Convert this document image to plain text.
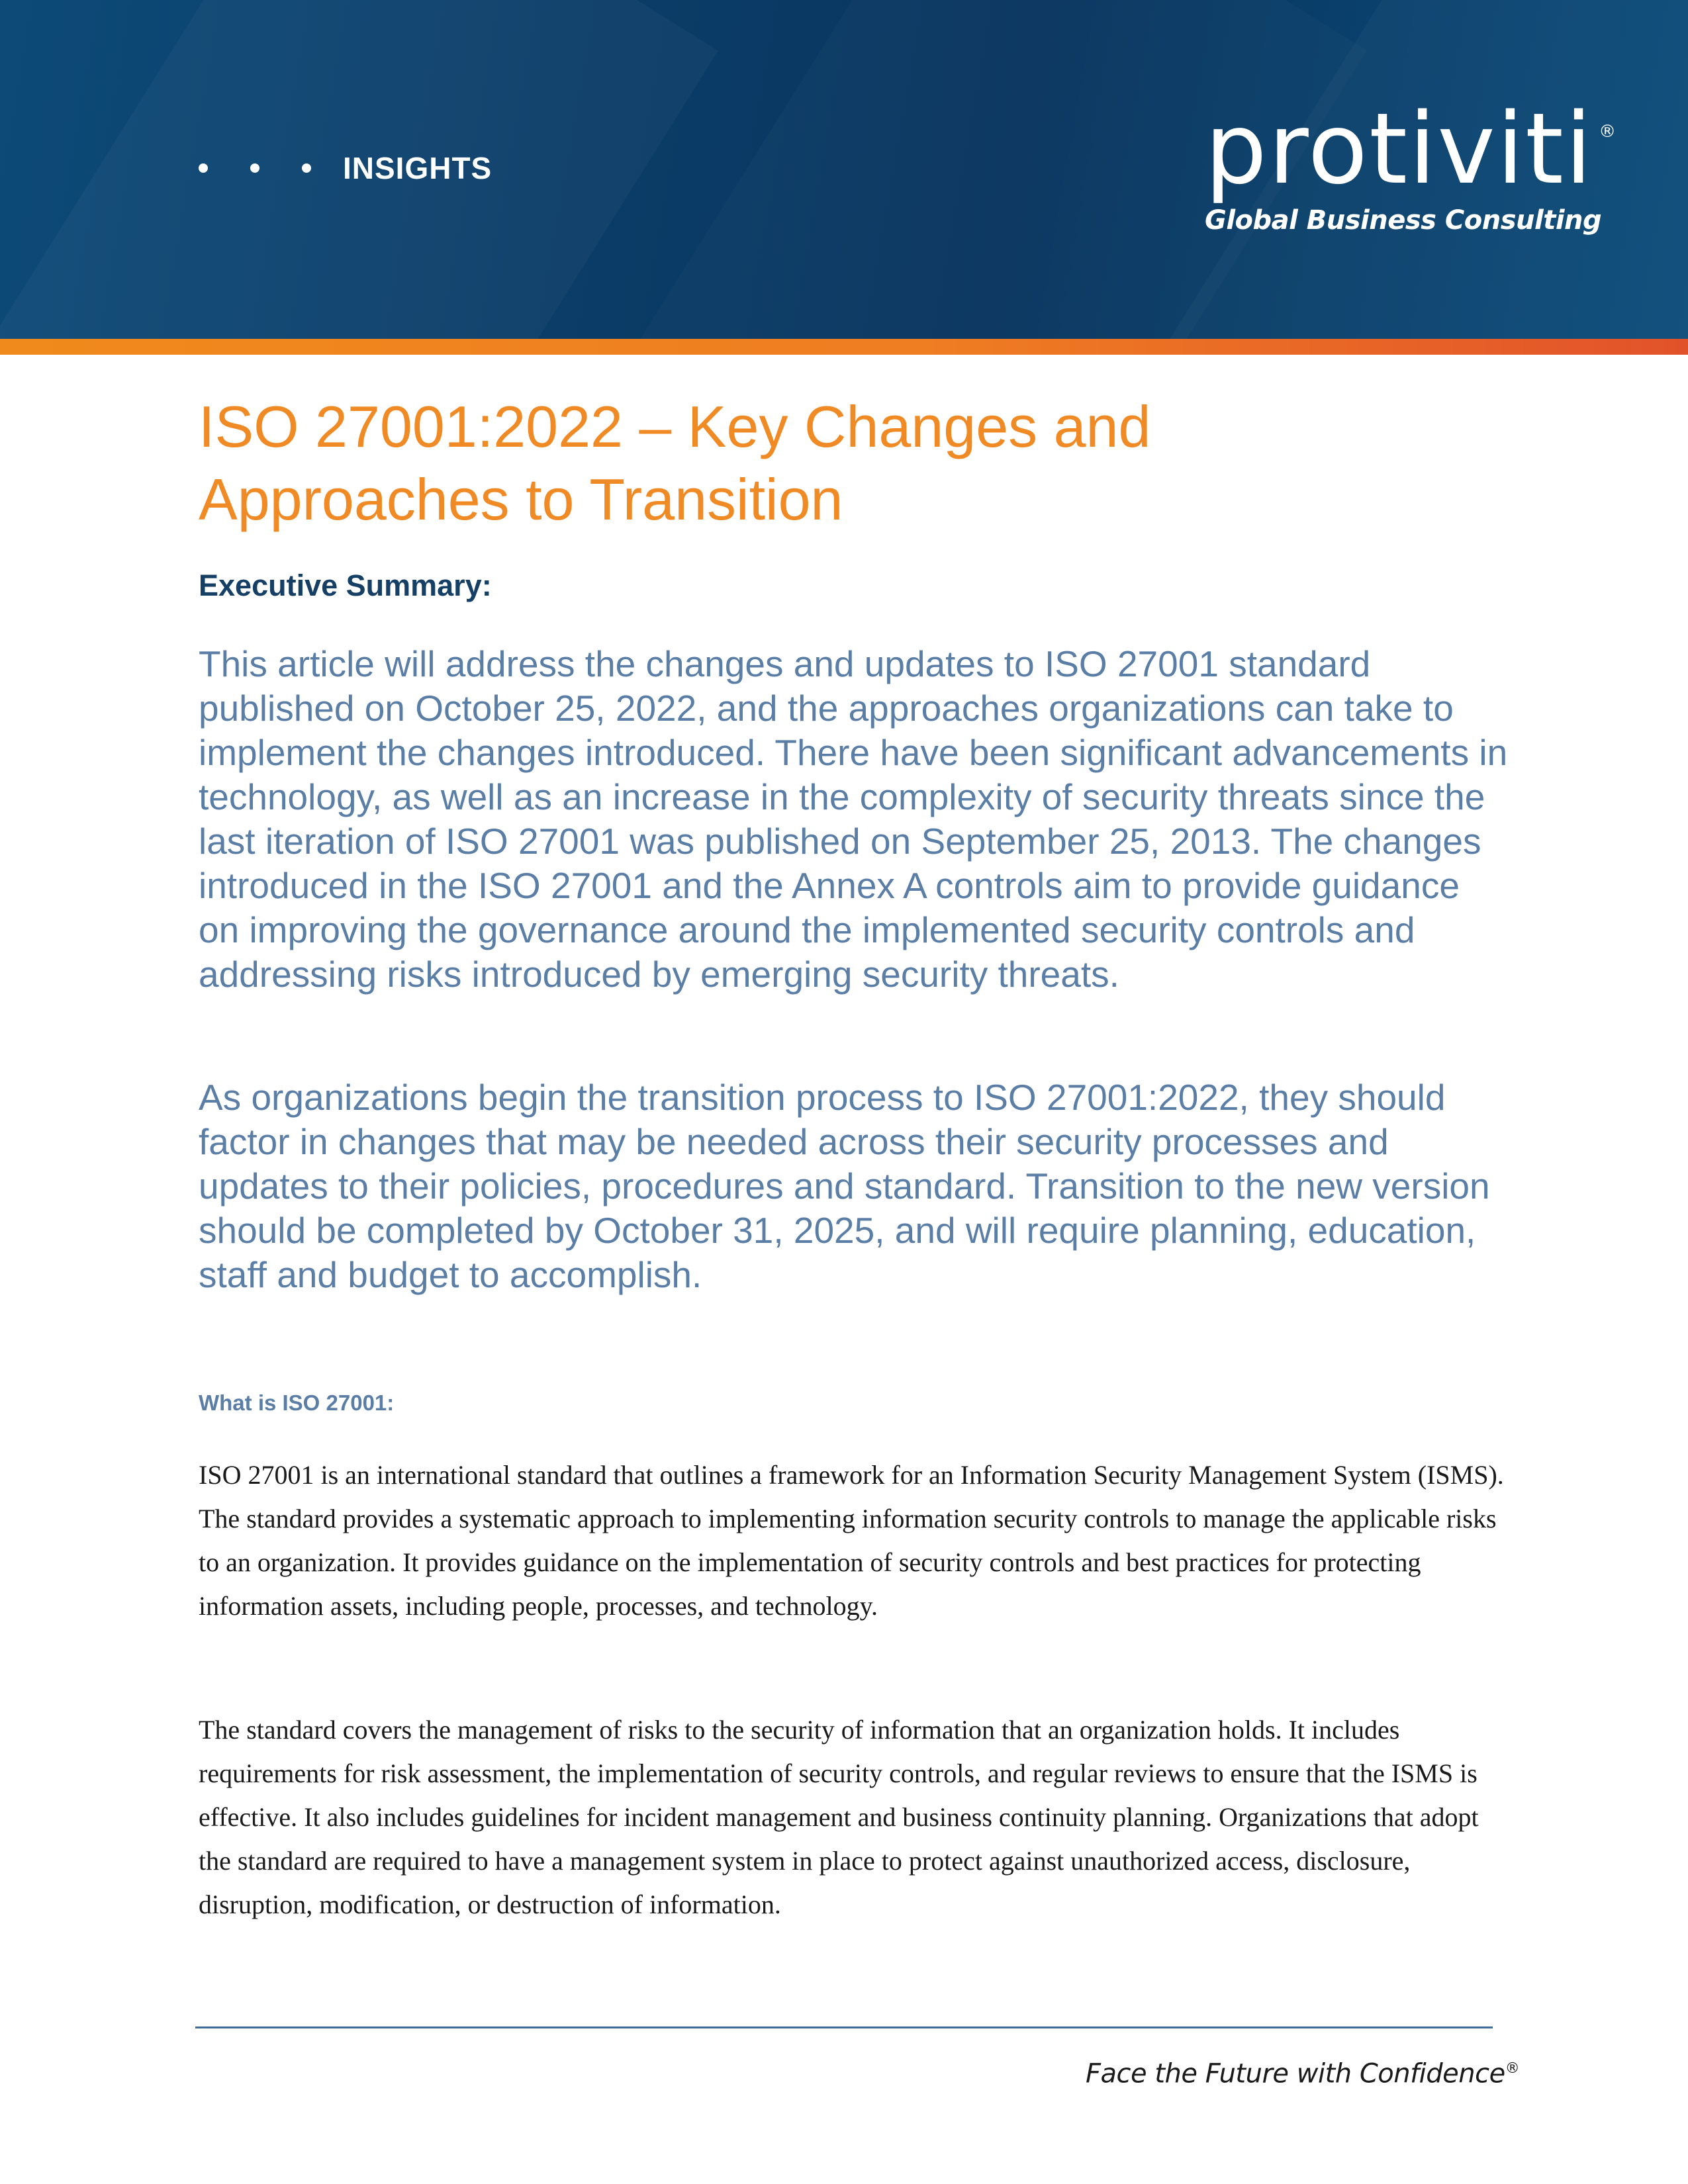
INSIGHTS	protiviti ®
Global Business Consulting
ISO 27001:2022 – Key Changes and Approaches to Transition
Executive Summary:

This article will address the changes and updates to ISO 27001 standard published on October 25, 2022, and the approaches organizations can take to implement the changes introduced. There have been significant advancements in technology, as well as an increase in the complexity of security threats since the last iteration of ISO 27001 was published on September 25, 2013. The changes introduced in the ISO 27001 and the Annex A controls aim to provide guidance on improving the governance around the implemented security controls and addressing risks introduced by emerging security threats.

As organizations begin the transition process to ISO 27001:2022, they should factor in changes that may be needed across their security processes and updates to their policies, procedures and standard. Transition to the new version should be completed by October 31, 2025, and will require planning, education, staff and budget to accomplish.

What is ISO 27001:

ISO 27001 is an international standard that outlines a framework for an Information Security Management System (ISMS). The standard provides a systematic approach to implementing information security controls to manage the applicable risks to an organization. It provides guidance on the implementation of security controls and best practices for protecting information assets, including people, processes, and technology.

The standard covers the management of risks to the security of information that an organization holds. It includes requirements for risk assessment, the implementation of security controls, and regular reviews to ensure that the ISMS is effective. It also includes guidelines for incident management and business continuity planning. Organizations that adopt the standard are required to have a management system in place to protect against unauthorized access, disclosure, disruption, modification, or destruction of information.

Face the Future with Confidence®
